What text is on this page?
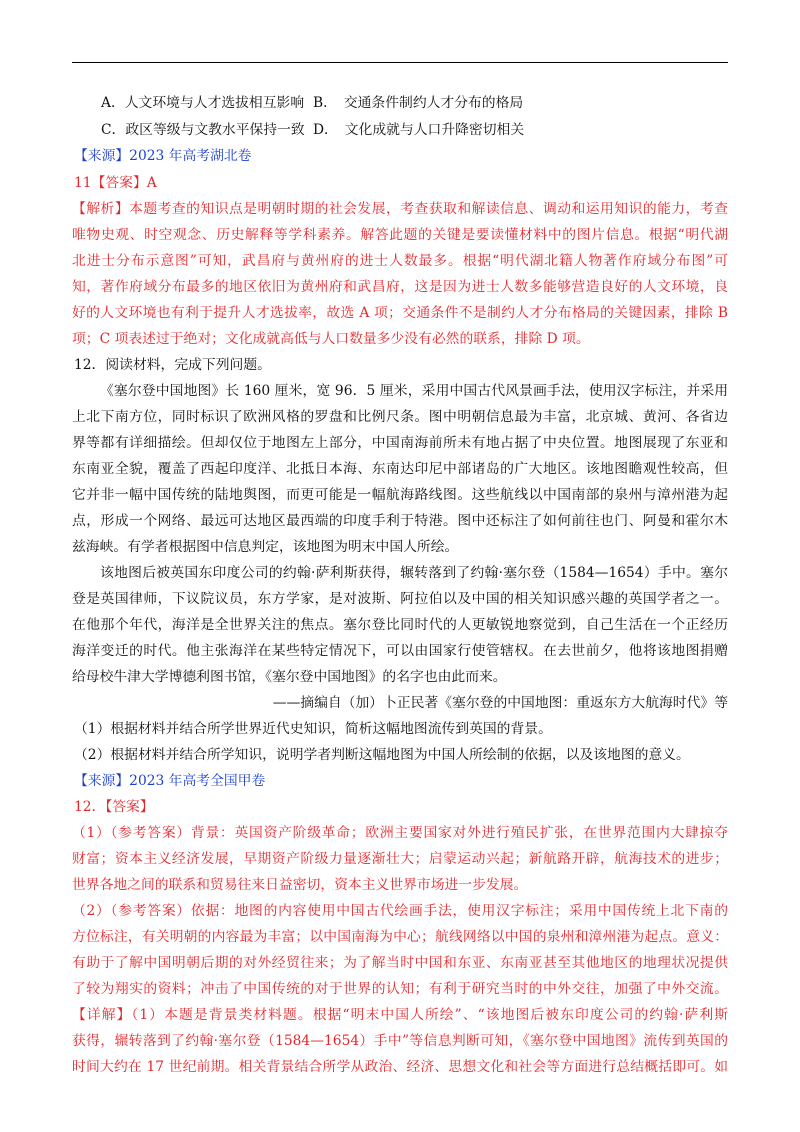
A．人文环境与人才选拔相互影响 B．　交通条件制约人才分布的格局
C．政区等级与文教水平保持一致 D．　文化成就与人口升降密切相关
【来源】2023 年高考湖北卷
11【答案】A
【解析】本题考查的知识点是明朝时期的社会发展，考查获取和解读信息、调动和运用知识的能力，考查
唯物史观、时空观念、历史解释等学科素养。解答此题的关键是要读懂材料中的图片信息。根据“明代湖
北进士分布示意图”可知，武昌府与黄州府的进士人数最多。根据“明代湖北籍人物著作府域分布图”可
知，著作府域分布最多的地区依旧为黄州府和武昌府，这是因为进士人数多能够营造良好的人文环境，良
好的人文环境也有利于提升人才选拔率，故选 A 项；交通条件不是制约人才分布格局的关键因素，排除 B
项；C 项表述过于绝对；文化成就高低与人口数量多少没有必然的联系，排除 D 项。
12．阅读材料，完成下列问题。
《塞尔登中国地图》长 160 厘米，宽 96．5 厘米，采用中国古代风景画手法，使用汉字标注，并采用
上北下南方位，同时标识了欧洲风格的罗盘和比例尺条。图中明朝信息最为丰富，北京城、黄河、各省边
界等都有详细描绘。但却仅位于地图左上部分，中国南海前所未有地占据了中央位置。地图展现了东亚和
东南亚全貌，覆盖了西起印度洋、北抵日本海、东南达印尼中部诸岛的广大地区。该地图瞻观性较高，但
它并非一幅中国传统的陆地舆图，而更可能是一幅航海路线图。这些航线以中国南部的泉州与漳州港为起
点，形成一个网络、最远可达地区最西端的印度手利于特港。图中还标注了如何前往也门、阿曼和霍尔木
兹海峡。有学者根据图中信息判定，该地图为明末中国人所绘。
该地图后被英国东印度公司的约翰·萨利斯获得，辗转落到了约翰·塞尔登（1584—1654）手中。塞尔
登是英国律师，下议院议员，东方学家，是对波斯、阿拉伯以及中国的相关知识感兴趣的英国学者之一。
在他那个年代，海洋是全世界关注的焦点。塞尔登比同时代的人更敏锐地察觉到，自己生活在一个正经历
海洋变迁的时代。他主张海洋在某些特定情况下，可以由国家行使管辖权。在去世前夕，他将该地图捐赠
给母校牛津大学博德利图书馆，《塞尔登中国地图》的名字也由此而来。
——摘编自（加）卜正民著《塞尔登的中国地图：重返东方大航海时代》等
（1）根据材料并结合所学世界近代史知识，简析这幅地图流传到英国的背景。
（2）根据材料并结合所学知识，说明学者判断这幅地图为中国人所绘制的依据，以及该地图的意义。
【来源】2023 年高考全国甲卷
12．【答案】
（1）（参考答案）背景：英国资产阶级革命；欧洲主要国家对外进行殖民扩张，在世界范围内大肆掠夺
财富；资本主义经济发展，早期资产阶级力量逐渐壮大；启蒙运动兴起；新航路开辟，航海技术的进步；
世界各地之间的联系和贸易往来日益密切，资本主义世界市场进一步发展。
（2）（参考答案）依据：地图的内容使用中国古代绘画手法，使用汉字标注；采用中国传统上北下南的
方位标注，有关明朝的内容最为丰富；以中国南海为中心；航线网络以中国的泉州和漳州港为起点。意义：
有助于了解中国明朝后期的对外经贸往来；为了解当时中国和东亚、东南亚甚至其他地区的地理状况提供
了较为翔实的资料；冲击了中国传统的对于世界的认知；有利于研究当时的中外交往，加强了中外交流。
【详解】（1）本题是背景类材料题。根据“明末中国人所绘”、“该地图后被东印度公司的约翰·萨利斯
获得，辗转落到了约翰·塞尔登（1584—1654）手中”等信息判断可知，《塞尔登中国地图》流传到英国的
时间大约在 17 世纪前期。相关背景结合所学从政治、经济、思想文化和社会等方面进行总结概括即可。如
